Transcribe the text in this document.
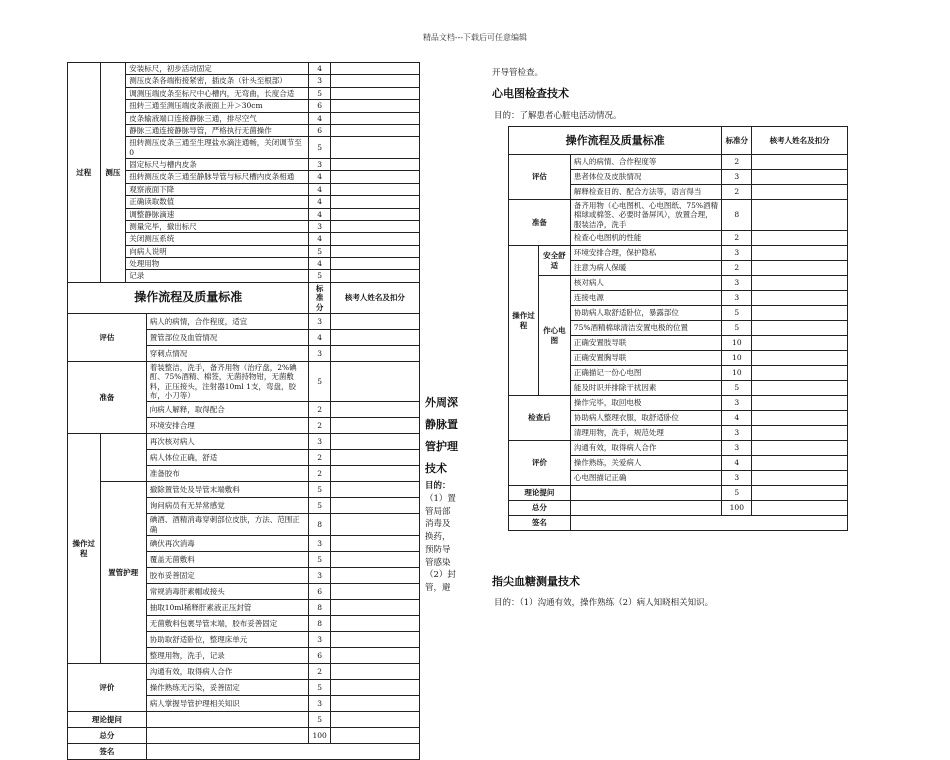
精品文档---下载后可任意编辑
过程	测压	安装标尺，初步活动固定		4	
		测压皮条各端衔接紧密，插皮条（针头至根部）		3	
		调测压端皮条至标尺中心槽内，无弯曲，长度合适		5	
		扭转三通至测压端皮条液面上升＞30cm		6	
		皮条输液端口连接静脉三通，排尽空气		4	
		静脉三通连接静脉导管，严格执行无菌操作		6	
		扭转测压皮条三通至生理盐水滴注通畅，关闭调节至0		5	
		固定标尺与槽内皮条		3	
		扭转测压皮条三通至静脉导管与标尺槽内皮条相通		4	
		观察液面下降		4	
		正确读取数值		4	
		调整静脉滴速		4	
		测量完毕，撤出标尺		3	
		关闭测压系统		4	
		向病人说明		5	
		处理用物		4	
		记录		5	
操作流程及质量标准				标准分	核考人姓名及扣分
评估			病人的病情，合作程度，适宜	3	
			置管部位及血管情况	4	
			穿刺点情况	3	
准备			着装整洁，洗手，备齐用物（治疗盘，2%碘酊、75%酒精、棉签，无菌持物钳，无菌敷料，正压接头，注射器10ml 1支，弯盘，胶布，小刀等）	5	
			向病人解释，取得配合	2	
			环境安排合理	2	
操作过程			再次核对病人	3	
			病人体位正确，舒适	2	
			准备胶布	2	
	置管护理		撤除置管处及导管末端敷料	5	
			询问病员有无异常感觉	5	
			碘酒、酒精消毒穿刺部位皮肤，方法、范围正确	8	
			碘伏再次消毒	3	
			覆盖无菌敷料	5	
			胶布妥善固定	3	
			常规消毒肝素帽或接头	6	
			抽取10ml稀释肝素液正压封管	8	
			无菌敷料包裹导管末端，胶布妥善固定	8	
			协助取舒适卧位，整理床单元	3	
			整理用物，洗手，记录	6	
评价			沟通有效，取得病人合作	2	
			操作熟练无污染，妥善固定	5	
			病人掌握导管护理相关知识	3	
理论提问				5	
总分				100	
签名					
外周深
静脉置
管护理
技术
目的：
（1）置
管局部
消毒及
换药，
预防导
管感染
（2）封
管，避
开导管检查。
心电图检查技术
目的：了解患者心脏电活动情况。
操作流程及质量标准			标准分	核考人姓名及扣分
评估		病人的病情、合作程度等	2	
		患者体位及皮肤情况	3	
		解释检查目的、配合方法等，语言得当	2	
准备		备齐用物（心电图机、心电图纸、75%酒精棉球或棉签、必要时备屏风），放置合理，服装洁净，洗手	8	
		检查心电图机的性能	2	
操作过程	安全舒适	环境安排合理，保护隐私	3	
		注意为病人保暖	2	
	作心电图	核对病人	3	
		连接电源	3	
		协助病人取舒适卧位，暴露部位	5	
		75%酒精棉球清洁安置电极的位置	5	
		正确安置肢导联	10	
		正确安置胸导联	10	
		正确描记一份心电图	10	
		能及时识并排除干扰因素	5	
检查后		操作完毕，取回电极	3	
		协助病人整理衣服，取舒适卧位	4	
		清理用物，洗手，规范处理	3	
评价		沟通有效，取得病人合作	3	
		操作熟练，关爱病人	4	
		心电图描记正确	3	
理论提问			5	
总分			100	
签名				
指尖血糖测量技术
目的：（1）沟通有效，操作熟练（2）病人知晓相关知识。
